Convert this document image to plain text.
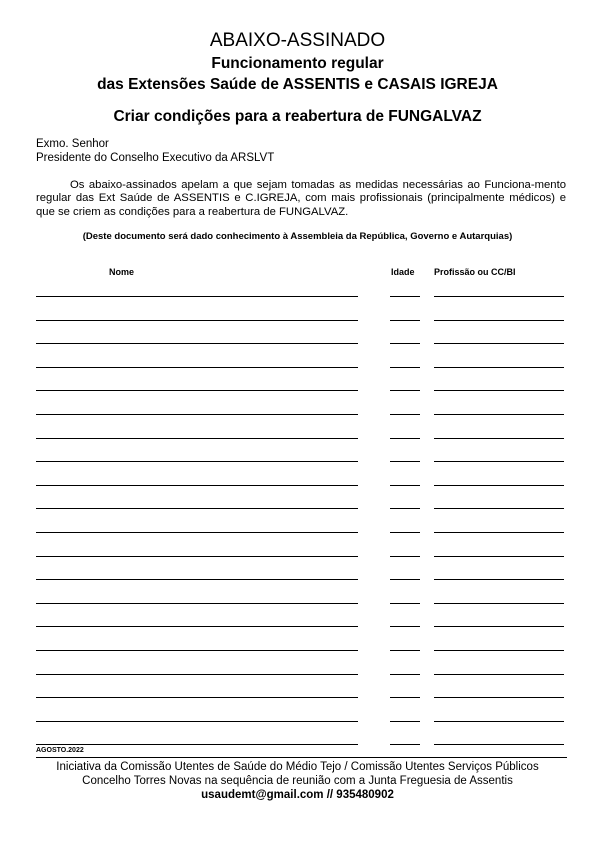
ABAIXO-ASSINADO
Funcionamento regular
das Extensões Saúde de ASSENTIS e CASAIS IGREJA
Criar condições para a reabertura de FUNGALVAZ
Exmo. Senhor
Presidente do Conselho Executivo da ARSLVT
Os abaixo-assinados apelam a que sejam tomadas as medidas necessárias ao Funciona-mento regular das Ext Saúde de ASSENTIS e C.IGREJA, com mais profissionais (principalmente médicos) e que se criem as condições para a reabertura de FUNGALVAZ.
(Deste documento será dado conhecimento à Assembleia da República, Governo e Autarquias)
Nome	Idade Profissão ou CC/BI
AGOSTO.2022
Iniciativa da Comissão Utentes de Saúde do Médio Tejo / Comissão Utentes Serviços Públicos
Concelho Torres Novas na sequência de reunião com a Junta Freguesia de Assentis
usaudemt@gmail.com // 935480902
